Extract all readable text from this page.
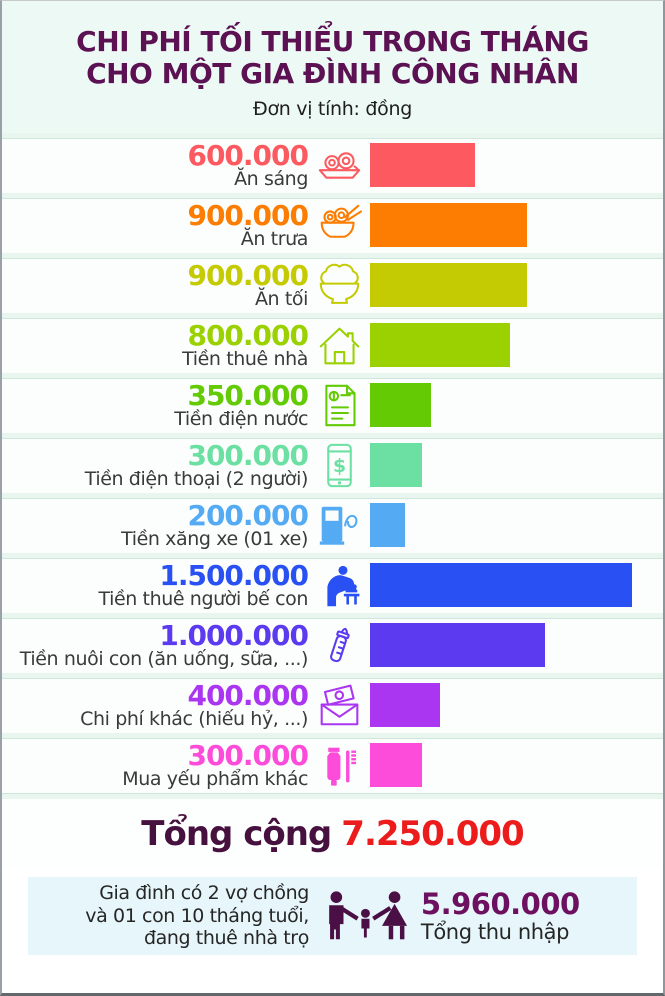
CHI PHÍ TỐI THIỂU TRONG THÁNG
CHO MỘT GIA ĐÌNH CÔNG NHÂN
Đơn vị tính: đồng
600.000
Ăn sáng
900.000
Ăn trưa
900.000
Ăn tối
800.000
Tiền thuê nhà
350.000
Tiền điện nước
300.000
Tiền điện thoại (2 người)
$
200.000
Tiền xăng xe (01 xe)
1.500.000
Tiền thuê người bế con
1.000.000
Tiền nuôi con (ăn uống, sữa, ...)
400.000
Chi phí khác (hiếu hỷ, ...)
300.000
Mua yếu phẩm khác
Tổng cộng 7.250.000
Gia đình có 2 vợ chồng
và 01 con 10 tháng tuổi,
đang thuê nhà trọ
5.960.000
Tổng thu nhập
